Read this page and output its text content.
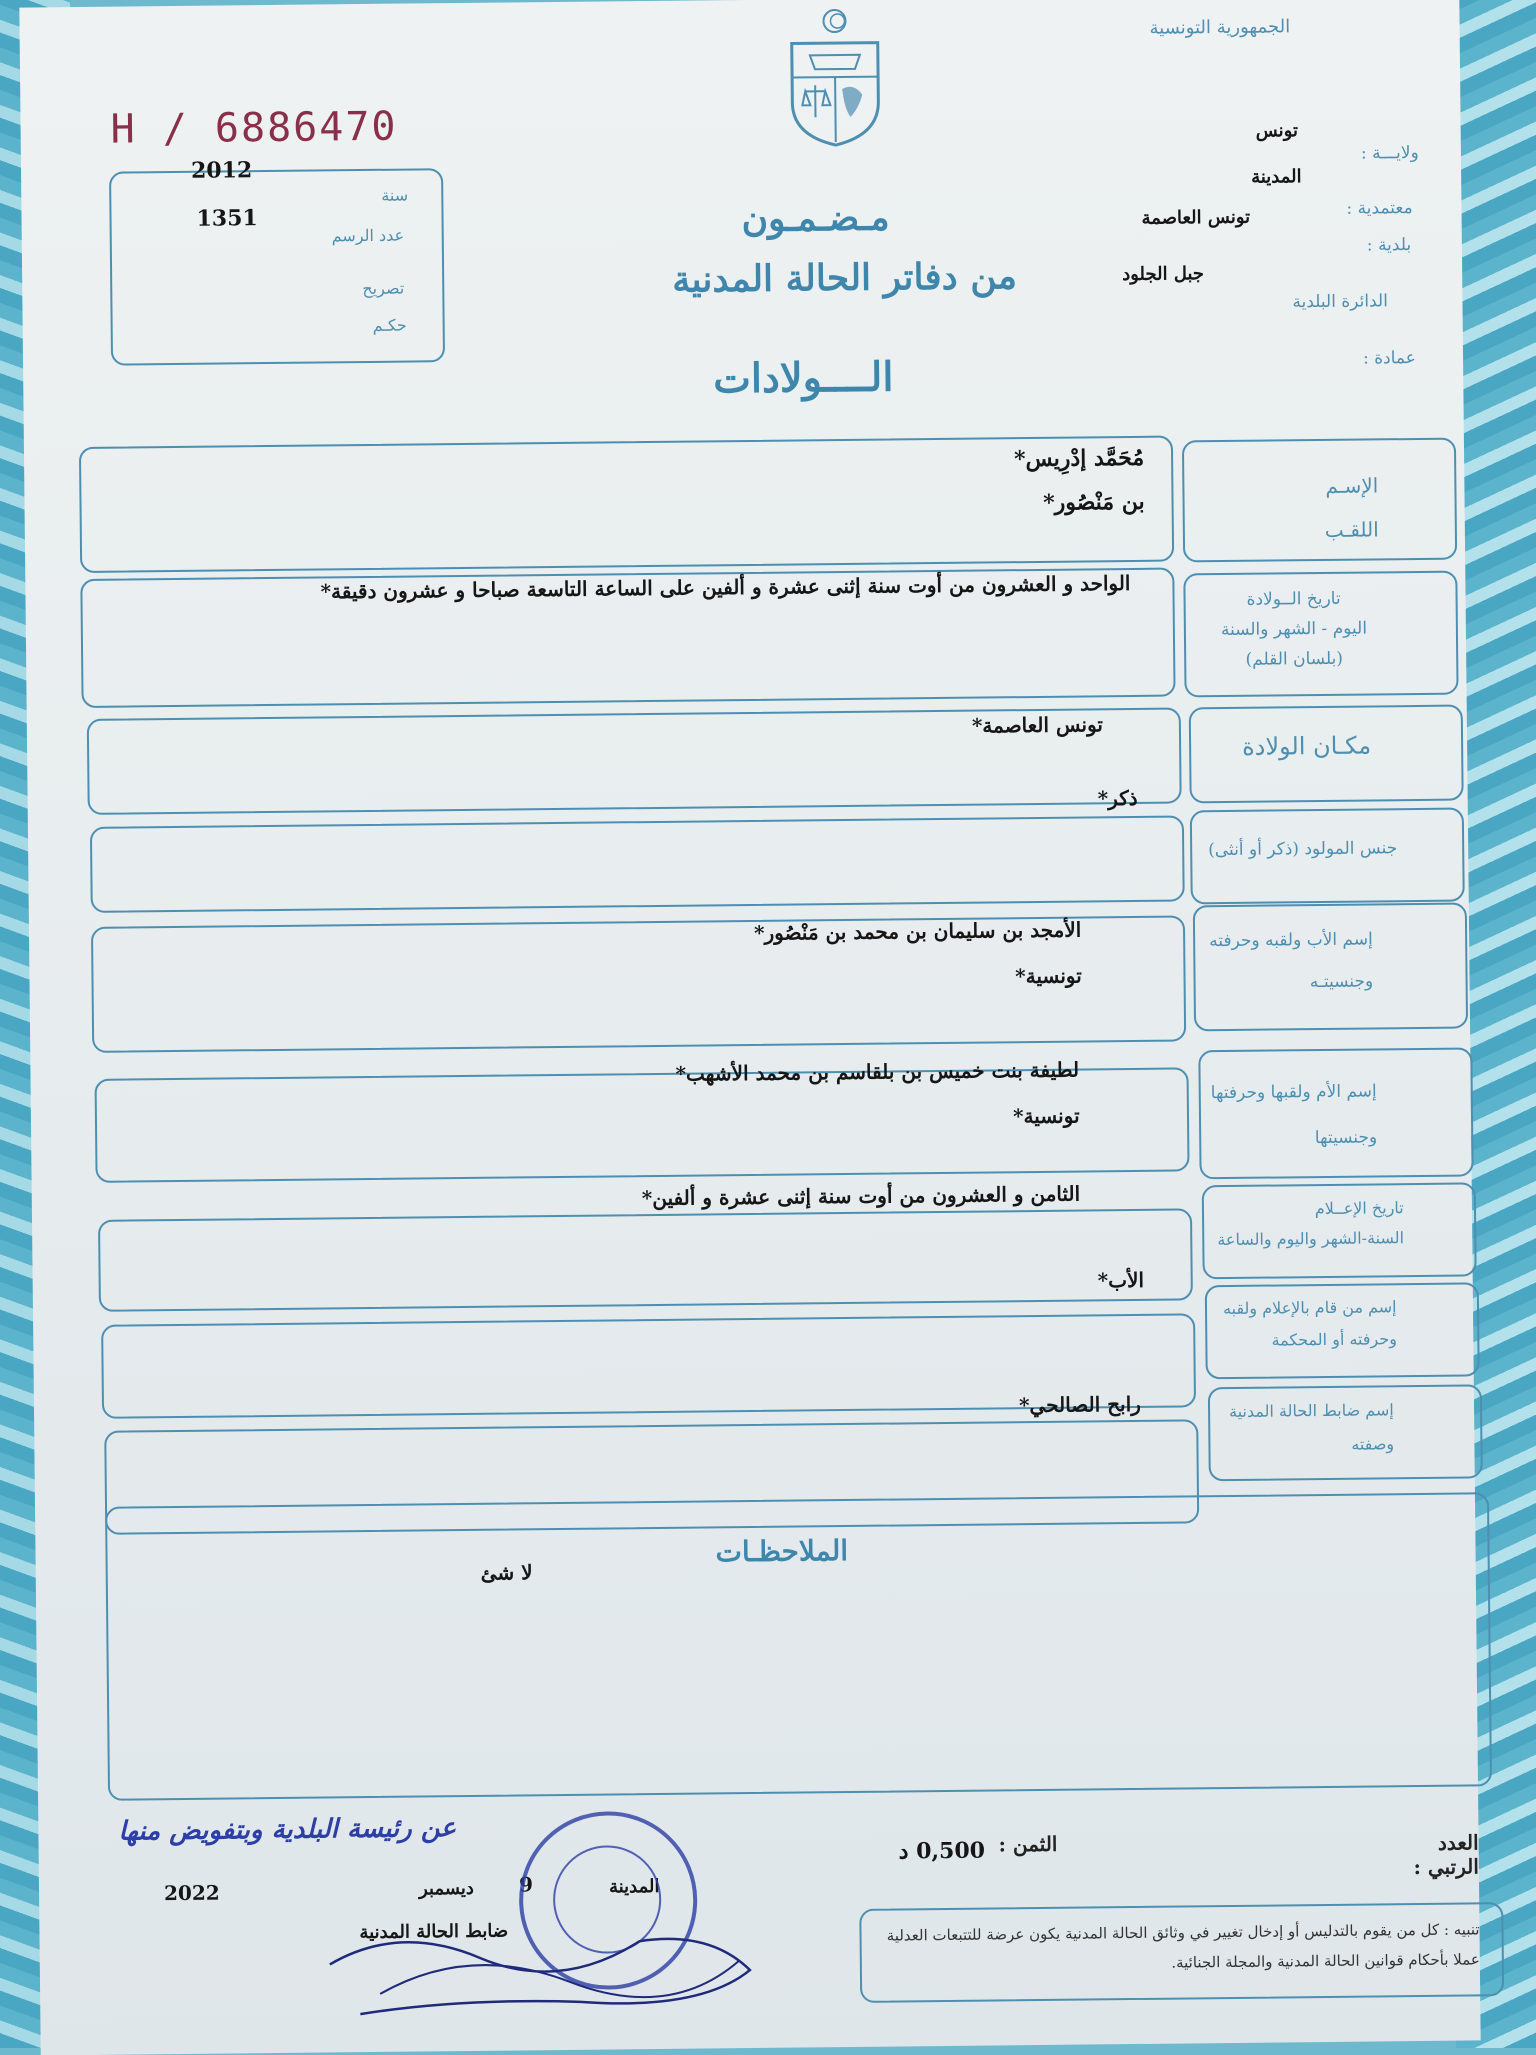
الجمهورية التونسية
H / 6886470
2012
سنة
1351
عدد الرسم
تصريح
حكـم
ولايـــة :
تونس
معتمدية :
المدينة
بلدية :
تونس العاصمة
الدائرة البلدية
جبل الجلود
عمادة :
مـضـمـون
من دفاتر الحالة المدنية
الــــولادات
الإسـم
اللقـب
مُحَمَّد إدْرِيس*
بن مَنْصُور*
تاريخ الــولادة
اليوم - الشهر والسنة
(بلسان القلم)
الواحد و العشرون من أوت سنة إثنى عشرة و ألفين على الساعة التاسعة صباحا و عشرون دقيقة*
مكـان الولادة
تونس العاصمة*
جنس المولود (ذكر أو أنثى)
ذكر*
إسم الأب ولقبه وحرفته
وجنسيتـه
الأمجد بن سليمان بن محمد بن مَنْصُور*
تونسية*
إسم الأم ولقبها وحرفتها
وجنسيتها
لطيفة بنت خميس بن بلقاسم بن محمد الأشهب*
تونسية*
تاريخ الإعــلام
السنة-الشهر واليوم والساعة
الثامن و العشرون من أوت سنة إثنى عشرة و ألفين*
إسم من قام بالإعلام ولقبه
وحرفته أو المحكمة
الأب*
إسم ضابط الحالة المدنية
وصفته
رابح الصالحي*
الملاحظـات
لا شئ
العدد الرتبي :
الثمن :
0,500 د
عن رئيسة البلدية وبتفويض منها
2022	ديسمبر 9	المدينة
ضابط الحالة المدنية	تنبيه : كل من يقوم بالتدليس أو إدخال تغيير في وثائق الحالة المدنية يكون عرضة للتتبعات العدلية عملا بأحكام قوانين الحالة المدنية والمجلة الجنائية.
